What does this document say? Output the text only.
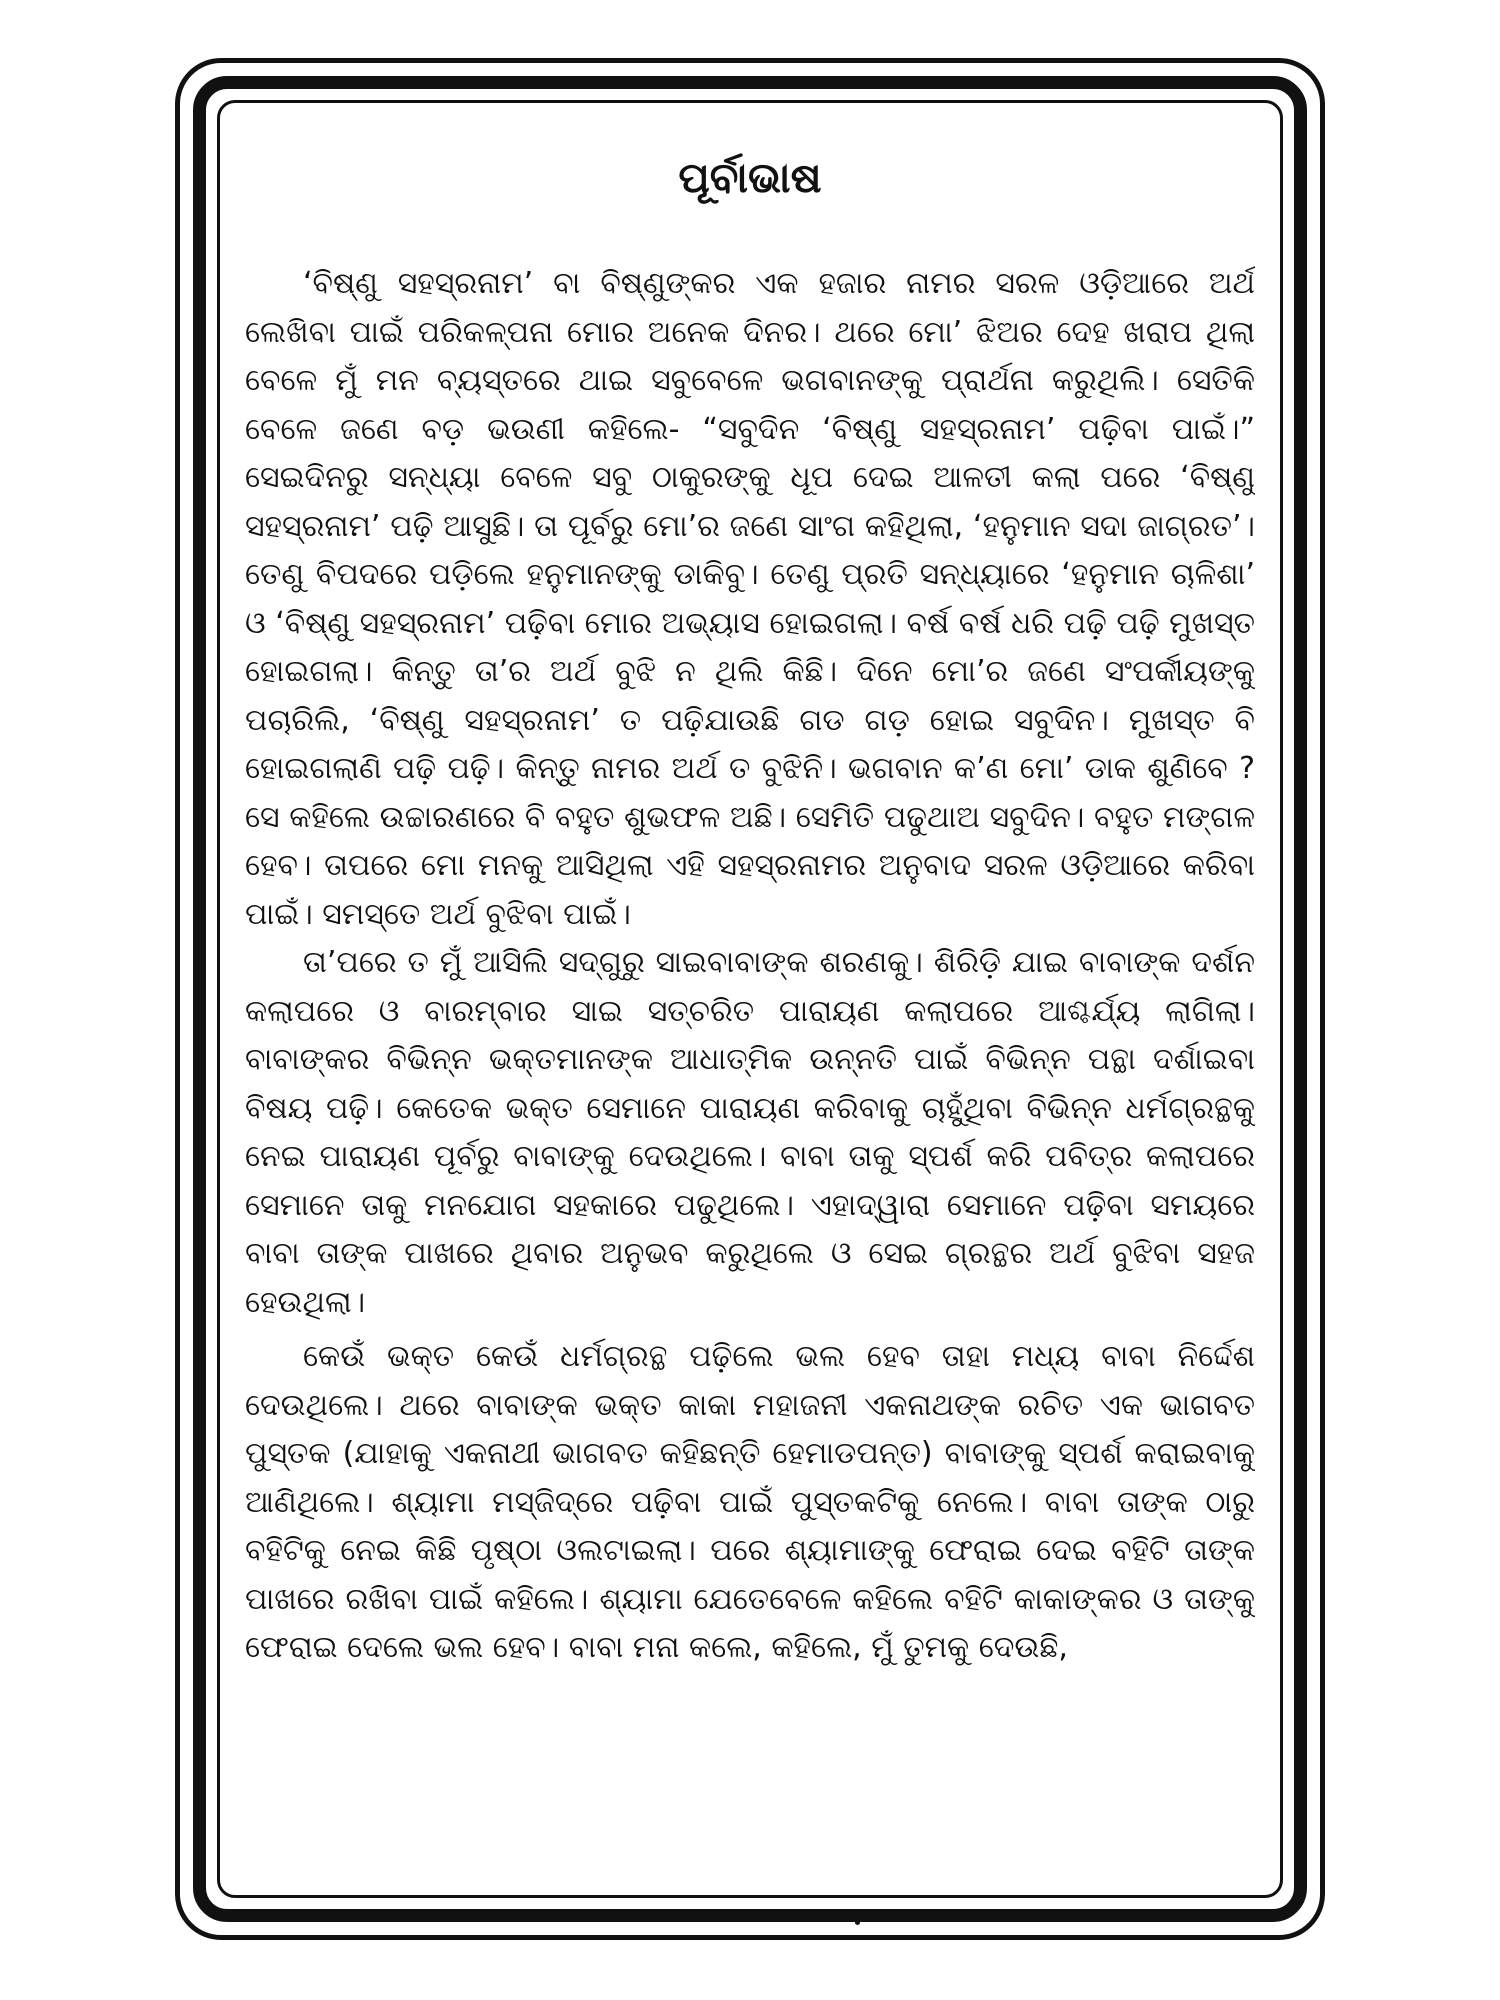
ପୂର୍ବାଭାଷ

‘ବିଷ୍ଣୁ ସହସ୍ରନାମ’ ବା ବିଷ୍ଣୁଙ୍କର ଏକ ହଜାର ନାମର ସରଳ ଓଡ଼ିଆରେ ଅର୍ଥ ଲେଖିବା ପାଇଁ ପରିକଳ୍ପନା ମୋର ଅନେକ ଦିନର। ଥରେ ମୋ’ ଝିଅର ଦେହ ଖରାପ ଥିଲା ବେଳେ ମୁଁ ମନ ବ୍ୟସ୍ତରେ ଥାଇ ସବୁବେଳେ ଭଗବାନଙ୍କୁ ପ୍ରାର୍ଥନା କରୁଥିଲି। ସେତିକି ବେଳେ ଜଣେ ବଡ଼ ଭଉଣୀ କହିଲେ- “ସବୁଦିନ ‘ବିଷ୍ଣୁ ସହସ୍ରନାମ’ ପଢ଼ିବା ପାଇଁ।” ସେଇଦିନରୁ ସନ୍ଧ୍ୟା ବେଳେ ସବୁ ଠାକୁରଙ୍କୁ ଧୂପ ଦେଇ ଆଳତୀ କଲା ପରେ ‘ବିଷ୍ଣୁ ସହସ୍ରନାମ’ ପଢ଼ି ଆସୁଛି। ତା ପୂର୍ବରୁ ମୋ’ର ଜଣେ ସାଂଗ କହିଥିଲା, ‘ହନୁମାନ ସଦା ଜାଗ୍ରତ’। ତେଣୁ ବିପଦରେ ପଡ଼ିଲେ ହନୁମାନଙ୍କୁ ଡାକିବୁ। ତେଣୁ ପ୍ରତି ସନ୍ଧ୍ୟାରେ ‘ହନୁମାନ ଚାଳିଶା’ ଓ ‘ବିଷ୍ଣୁ ସହସ୍ରନାମ’ ପଢ଼ିବା ମୋର ଅଭ୍ୟାସ ହୋଇଗଲା। ବର୍ଷ ବର୍ଷ ଧରି ପଢ଼ି ପଢ଼ି ମୁଖସ୍ତ ହୋଇଗଲା। କିନ୍ତୁ ତା’ର ଅର୍ଥ ବୁଝି ନ ଥିଲି କିଛି। ଦିନେ ମୋ’ର ଜଣେ ସଂପର୍କୀୟଙ୍କୁ ପଚାରିଲି, ‘ବିଷ୍ଣୁ ସହସ୍ରନାମ’ ତ ପଢ଼ିଯାଉଛି ଗଡ ଗଡ଼ ହୋଇ ସବୁଦିନ। ମୁଖସ୍ତ ବି ହୋଇଗଲାଣି ପଢ଼ି ପଢ଼ି। କିନ୍ତୁ ନାମର ଅର୍ଥ ତ ବୁଝିନି। ଭଗବାନ କ’ଣ ମୋ’ ଡାକ ଶୁଣିବେ ? ସେ କହିଲେ ଉଚ୍ଚାରଣରେ ବି ବହୁତ ଶୁଭଫଳ ଅଛି। ସେମିତି ପଢୁଥାଅ ସବୁଦିନ। ବହୁତ ମଙ୍ଗଳ ହେବ। ତାପରେ ମୋ ମନକୁ ଆସିଥିଲା ଏହି ସହସ୍ରନାମର ଅନୁବାଦ ସରଳ ଓଡ଼ିଆରେ କରିବା ପାଇଁ। ସମସ୍ତେ ଅର୍ଥ ବୁଝିବା ପାଇଁ।

ତା’ପରେ ତ ମୁଁ ଆସିଲି ସଦ୍‌ଗୁରୁ ସାଇବାବାଙ୍କ ଶରଣକୁ। ଶିରିଡ଼ି ଯାଇ ବାବାଙ୍କ ଦର୍ଶନ କଲାପରେ ଓ ବାରମ୍ବାର ସାଇ ସତ୍‌ଚରିତ ପାରାୟଣ କଲାପରେ ଆଶ୍ଚର୍ଯ୍ୟ ଲାଗିଲା। ବାବାଙ୍କର ବିଭିନ୍ନ ଭକ୍ତମାନଙ୍କ ଆଧାତ୍ମିକ ଉନ୍ନତି ପାଇଁ ବିଭିନ୍ନ ପନ୍ଥା ଦର୍ଶାଇବା ବିଷୟ ପଢ଼ି। କେତେକ ଭକ୍ତ ସେମାନେ ପାରାୟଣ କରିବାକୁ ଚାହୁଁଥିବା ବିଭିନ୍ନ ଧର୍ମଗ୍ରନ୍ଥକୁ ନେଇ ପାରାୟଣ ପୂର୍ବରୁ ବାବାଙ୍କୁ ଦେଉଥିଲେ। ବାବା ତାକୁ ସ୍ପର୍ଶ କରି ପବିତ୍ର କଲାପରେ ସେମାନେ ତାକୁ ମନଯୋଗ ସହକାରେ ପଢୁଥିଲେ। ଏହାଦ୍ୱାରା ସେମାନେ ପଢ଼ିବା ସମୟରେ ବାବା ତାଙ୍କ ପାଖରେ ଥିବାର ଅନୁଭବ କରୁଥିଲେ ଓ ସେଇ ଗ୍ରନ୍ଥର ଅର୍ଥ ବୁଝିବା ସହଜ ହେଉଥିଲା।

କେଉଁ ଭକ୍ତ କେଉଁ ଧର୍ମଗ୍ରନ୍ଥ ପଢ଼ିଲେ ଭଲ ହେବ ତାହା ମଧ୍ୟ ବାବା ନିର୍ଦ୍ଦେଶ ଦେଉଥିଲେ। ଥରେ ବାବାଙ୍କ ଭକ୍ତ କାକା ମହାଜନୀ ଏକନାଥଙ୍କ ରଚିତ ଏକ ଭାଗବତ ପୁସ୍ତକ (ଯାହାକୁ ଏକନାଥୀ ଭାଗବତ କହିଛନ୍ତି ହେମାଡପନ୍ତ) ବାବାଙ୍କୁ ସ୍ପର୍ଶ କରାଇବାକୁ ଆଣିଥିଲେ। ଶ୍ୟାମା ମସ୍‌ଜିଦ୍‌ରେ ପଢ଼ିବା ପାଇଁ ପୁସ୍ତକଟିକୁ ନେଲେ। ବାବା ତାଙ୍କ ଠାରୁ ବହିଟିକୁ ନେଇ କିଛି ପୃଷ୍ଠା ଓଲଟାଇଲା। ପରେ ଶ୍ୟାମାଙ୍କୁ ଫେରାଇ ଦେଇ ବହିଟି ତାଙ୍କ ପାଖରେ ରଖିବା ପାଇଁ କହିଲେ। ଶ୍ୟାମା ଯେତେବେଳେ କହିଲେ ବହିଟି କାକାଙ୍କର ଓ ତାଙ୍କୁ ଫେରାଇ ଦେଲେ ଭଲ ହେବ। ବାବା ମନା କଲେ, କହିଲେ, ମୁଁ ତୁମକୁ ଦେଉଛି,
